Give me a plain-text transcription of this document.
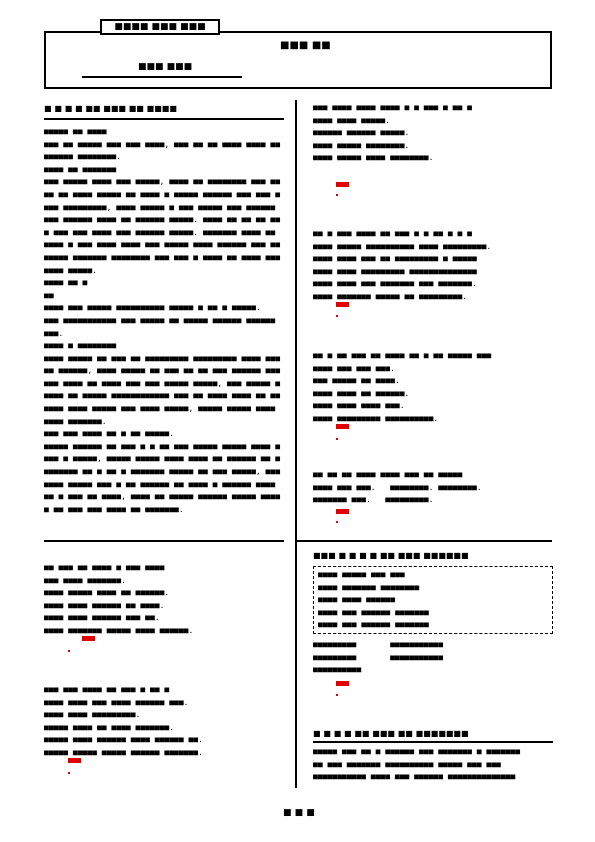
■■■■ ■■■ ■■■
■■■ ■■
■■■ ■■■
■ ■ ■ ■ ■■ ■■■ ■■ ■■■■
■■■■■ ■■ ■■■■
■■■ ■■ ■■■■■ ■■■ ■■■ ■■■■, ■■■ ■■ ■■ ■■■■ ■■■■ ■■ ■■■■■■ ■■■■■■■■.
■■■■ ■■ ■■■■■■■
■■■ ■■■■■ ■■■■ ■■■ ■■■■■, ■■■■ ■■ ■■■■■■■■ ■■■ ■■■■ ■■ ■■■■ ■■■■■ ■■ ■■■■ ■ ■■■■■ ■■■■■■ ■■■ ■■■ ■■■■ ■■■■■■■■■, ■■■■ ■■■■■ ■ ■■■ ■■■■■ ■■■ ■■■■■■ ■■■ ■■■■■■ ■■■■ ■■ ■■■■■■ ■■■■■. ■■■■ ■■ ■■ ■■ ■■■ ■■■ ■■■ ■■■■ ■■■ ■■■■■■ ■■■■■. ■■■■■■■ ■■■■ ■■ ■■■■ ■ ■■■ ■■■■ ■■■■ ■■■ ■■■■■ ■■■■ ■■■■■■ ■■■ ■■ ■■■■■ ■■■■■■■ ■■■■■■■■ ■■■ ■■■ ■ ■■■■ ■■ ■■■■ ■■■ ■■■■ ■■■■■.
■■■■ ■■ ■
■■
■■■■ ■■■ ■■■■■ ■■■■■■■■■■ ■■■■■ ■ ■■ ■ ■■■■■.
■■■ ■■■■■■■■■■■ ■■■ ■■■■■ ■■ ■■■■■ ■■■■■■ ■■■■■■ ■■■.
■■■■ ■ ■■■■■■■■
■■■■ ■■■■■ ■■ ■■■ ■■ ■■■■■■■■■ ■■■■■■■■■ ■■■■ ■■■■■ ■■■■■■, ■■■■ ■■■■■ ■■ ■■■ ■■ ■■ ■■■ ■■■■■■ ■■■■■■ ■■■■ ■■ ■■■■ ■■■ ■■■ ■■■■■ ■■■■■, ■■■ ■■■■■ ■ ■■■■ ■■ ■■■■■ ■■■■■■■■■■■■ ■■■ ■■ ■■■■ ■■■■ ■■ ■■ ■■■■ ■■■■ ■■■■■ ■■■ ■■■■ ■■■■■, ■■■■■ ■■■■■ ■■■■ ■■■■ ■■■■■■■.
■■■ ■■■ ■■■■ ■■ ■ ■■ ■■■■■.
■■■■■ ■■■■■■ ■■ ■■■ ■ ■ ■■ ■■■ ■■■■■ ■■■■■ ■■■■ ■■■■ ■ ■■■■■, ■■■■■ ■■■■■ ■■■■ ■■■■ ■■ ■■■■■■ ■■ ■■■■■■■■ ■■ ■ ■■ ■ ■■■■■■■ ■■■■■ ■■ ■■■ ■■■■■, ■■■■■■■ ■■■■■ ■■■ ■ ■■ ■■■■■■ ■■ ■■■■ ■ ■■■■■■ ■■■■ ■■ ■ ■■■ ■■ ■■■■, ■■■■ ■■ ■■■■■ ■■■■■■ ■■■■■ ■■■■■ ■■ ■■■ ■■■ ■■■■ ■■ ■■■■■■■.
■■ ■■■ ■■ ■■■■ ■ ■■■ ■■■■
■■■ ■■■■ ■■■■■■■.
■■■■ ■■■■■ ■■■■ ■■ ■■■■■■.
■■■■ ■■■■ ■■■■■■ ■■ ■■■■.
■■■■ ■■■■ ■■■■■■ ■■■ ■■.
■■■■ ■■■■■■■ ■■■■■ ■■■■ ■■■■■■.
■■■ ■■■ ■■■■ ■■ ■■■ ■ ■■ ■
■■■■ ■■■■ ■■■ ■■■■ ■■■■■■ ■■■.
■■■■ ■■■■ ■■■■■■■■■.
■■■■■ ■■■■ ■■ ■■■■ ■■■■■■■.
■■■■■ ■■■■ ■■■■■■ ■■■■ ■■■■■■ ■■.
■■■■■ ■■■■■ ■■■■■ ■■■■■■ ■■■■■■■.
■■■ ■■■■ ■■■■ ■■■■ ■ ■ ■■■ ■ ■■ ■
■■■■ ■■■■ ■■■■■.
■■■■■■ ■■■■■■ ■■■■■.
■■■■ ■■■■■ ■■■■■■■■.
■■■■ ■■■■■ ■■■■ ■■■■■■■■.
■■ ■ ■■■ ■■■■ ■■ ■■■ ■ ■ ■■ ■ ■ ■
■■■■ ■■■■■ ■■■■■■■■■■ ■■■■ ■■■■■■■■■.
■■■■ ■■■■ ■■■ ■■ ■■■■■■■■■ ■ ■■■■■
■■■■ ■■■■ ■■■■■■■■■ ■■■■■■■■■■■■■■
■■■■ ■■■■ ■■■ ■■■■■■■ ■■■ ■■■■■■■.
■■■■ ■■■■■■■ ■■■■■ ■■ ■■■■■■■■■.
■■ ■ ■■ ■■■ ■■ ■■■■ ■■ ■ ■■ ■■■■■ ■■■
■■■■ ■■■ ■■■ ■■■.
■■■ ■■■■■ ■■ ■■■■.
■■■■ ■■■■ ■■ ■■■■■■.
■■■■ ■■■■ ■■■■ ■■■.
■■■■ ■■■■■■■■■ ■■■■■■■■■■.
■■ ■■ ■■ ■■■■ ■■■■ ■■■ ■■ ■■■■■
■■■■ ■■■ ■■■.   ■■■■■■■■. ■■■■■■■■.
■■■■■■■ ■■■.   ■■■■■■■■■.
■■■ ■ ■ ■ ■ ■■ ■■■ ■■■■■■
■■■■ ■■■■■ ■■■ ■■■
■■■■ ■■■■■■■ ■■■■■■■■
■■■■ ■■■■ ■■■■■■
■■■■ ■■■ ■■■■■■ ■■■■■■■
■■■■ ■■■ ■■■■■■ ■■■■■■■
■■■■■■■■■       ■■■■■■■■■■■
■■■■■■■■■       ■■■■■■■■■■■
■■■■■■■■■■
■ ■ ■ ■ ■■ ■■■ ■■ ■■■■■■■
■■■■■ ■■■ ■■ ■ ■■■■■■ ■■■ ■■■■■■■ ■ ■■■■■■■
■■ ■■■ ■■■■■■■ ■■■■■■■■■■ ■■■■■ ■■■ ■■■
■■■■■■■■■■■ ■■■■ ■■■ ■■■■■■ ■■■■■■■■■■■■■■
■ ■ ■
